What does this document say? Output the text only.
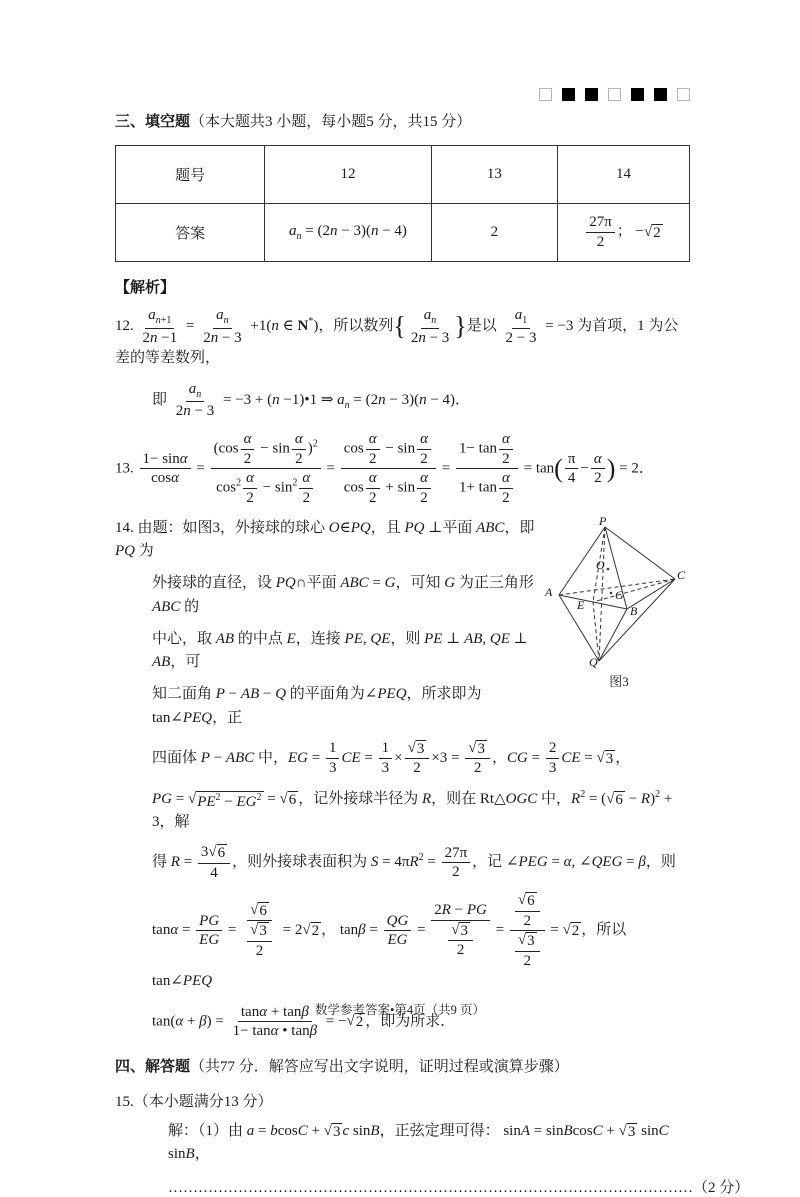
三、填空题（本大题共3 小题，每小题5 分，共15 分）
题号	12	13	14
答案	$a_n = (2n - 3)(n - 4)$	2	$\frac{27\pi}{2}$ ； − √ 2
【解析】
12. $\frac{a_{n+1}}{2n -1} = \frac{a_n}{2n - 3} +1(n$ ∈ N*)，所以数列{ $\frac{a_n}{2n - 3}$ }是以 $\frac{a_1}{2 - 3} = -3$ 为首项，1 为公差的等差数列，
即 $\frac{a_n}{2n - 3} = -3 + (n$ −1)•1 ⇒ $a_n = (2n - 3)(n - 4)$．
13. $\frac{1- \sin\alpha}{\cos\alpha} = \frac{(\cos \frac{\alpha}{2} - \sin \frac{\alpha}{2} )^2}{\cos^2 \frac{\alpha}{2} - \sin^2 \frac{\alpha}{2}} = \frac{\cos \frac{\alpha}{2} - \sin \frac{\alpha}{2}}{\cos \frac{\alpha}{2} + \sin \frac{\alpha}{2}} = \frac{1- \tan \frac{\alpha}{2}}{1+ \tan \frac{\alpha}{2}} = \tan( \frac{\pi}{4} - \frac{\alpha}{2}$ ) = 2．
P
A
C
B
O
G
E
Q
图3
14. 由题：如图3，外接球的球心 O∈PQ，且 PQ ⊥平面 ABC，即 PQ 为
外接球的直径，设 PQ∩平面 ABC = G，可知 G 为正三角形 ABC 的
中心，取 AB 的中点 E，连接 PE, QE，则 PE ⊥ AB, QE ⊥ AB，可
知二面角 P − AB − Q 的平面角为∠PEQ，所求即为 tan∠PEQ，正
四面体 P − ABC 中，EG = $\frac{1}{3}$ CE = $\frac{1}{3} \times \frac{√ 3}{2} \times 3 = \frac{√ 3}{2}$ ，CG = $\frac{2}{3}$ CE = √ 3 ，
PG = √ $PE^2 - EG^2$ = √ 6 ，记外接球半径为 R，则在 Rt△OGC 中，$R^2$ = ( √ 6 − R)$^2$ + 3，解
得 $R = \frac{3 √ 6}{4}$ ，则外接球表面积为 $S = 4\pi R^2 = \frac{27\pi}{2}$ ，记 ∠PEG = α, ∠QEG = β，则
$\tan\alpha = \frac{PG}{EG} = \frac{√ 6}{\frac{√ 3}{2}} = 2$ √ 2 ， $\tan\beta = \frac{QG}{EG} = \frac{2R - PG}{\frac{√ 3}{2}} = \frac{\frac{√ 6}{2}}{\frac{√ 3}{2}}$ = √ 2 ，所以 tan∠PEQ
$\tan(\alpha + \beta) = \frac{\tan\alpha + \tan\beta}{1- \tan\alpha • \tan\beta}$ = − √ 2 ，即为所求．
四、解答题（共77 分．解答应写出文字说明，证明过程或演算步骤）
15.（本小题满分13 分）
解：（1）由 a = bcosC + √ 3 c sinB，正弦定理可得： sinA = sinBcosC + √ 3 sinC sinB，
……………………………………………………………………………………………（2 分）
数学参考答案•第4页（共9 页）
